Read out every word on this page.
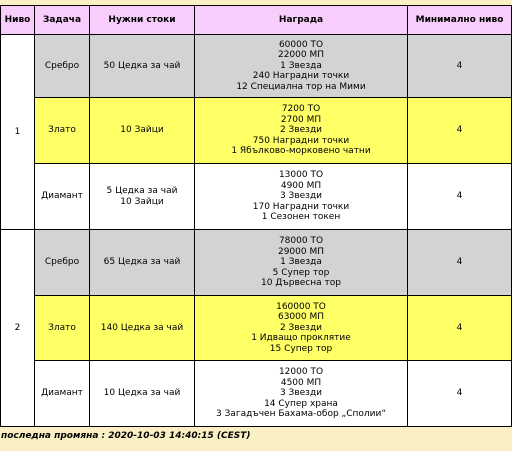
Ниво	Задача	Нужни стоки	Награда	Минимално ниво
1	Сребро	50 Цедка за чай	60000 ТО
22000 МП
1 Звезда
240 Наградни точки
12 Специална тор на Мими	4
	Злато	10 Зайци	7200 ТО
2700 МП
2 Звезди
750 Наградни точки
1 Ябълково-морковено чатни	4
	Диамант	5 Цедка за чай
10 Зайци	13000 ТО
4900 МП
3 Звезди
170 Наградни точки
1 Сезонен токен	4
2	Сребро	65 Цедка за чай	78000 ТО
29000 МП
1 Звезда
5 Супер тор
10 Дървесна тор	4
	Злато	140 Цедка за чай	160000 ТО
63000 МП
2 Звезди
1 Идващо проклятие
15 Супер тор	4
	Диамант	10 Цедка за чай	12000 ТО
4500 МП
3 Звезди
14 Супер храна
3 Загадъчен Бахама-обор „Сполии“	4
последна промяна : 2020-10-03 14:40:15 (CEST)
